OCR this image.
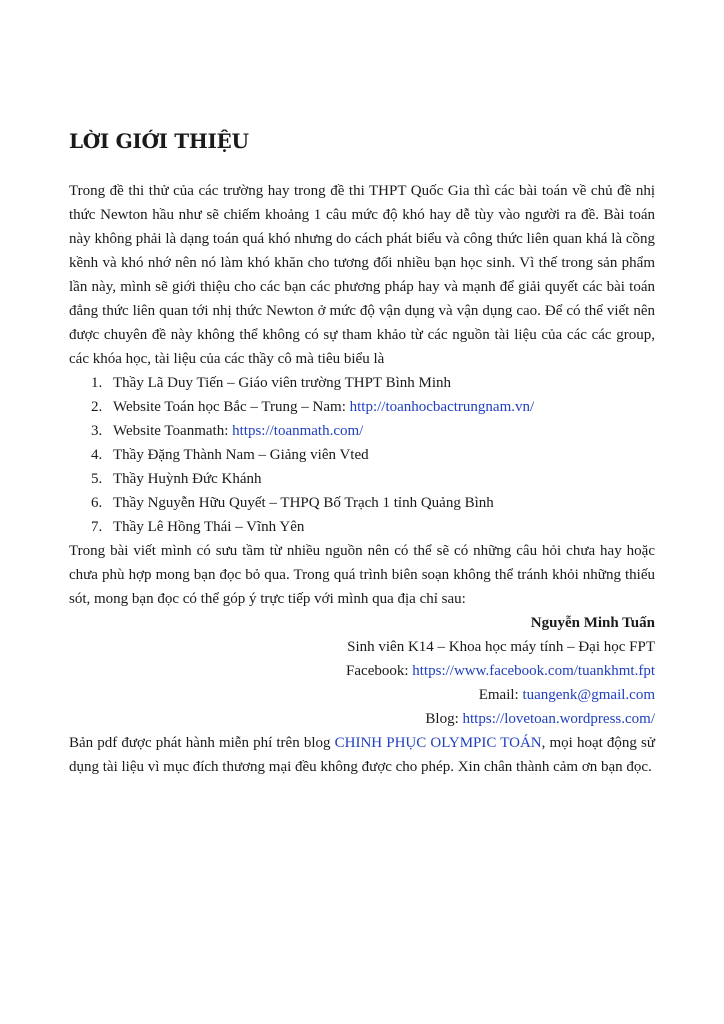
LỜI GIỚI THIỆU

Trong đề thi thử của các trường hay trong đề thi THPT Quốc Gia thì các bài toán về chủ đề nhị thức Newton hầu như sẽ chiếm khoảng 1 câu mức độ khó hay dễ tùy vào người ra đề. Bài toán này không phải là dạng toán quá khó nhưng do cách phát biểu và công thức liên quan khá là cồng kềnh và khó nhớ nên nó làm khó khăn cho tương đối nhiều bạn học sinh. Vì thế trong sản phẩm lần này, mình sẽ giới thiệu cho các bạn các phương pháp hay và mạnh để giải quyết các bài toán đẳng thức liên quan tới nhị thức Newton ở mức độ vận dụng và vận dụng cao. Để có thể viết nên được chuyên đề này không thể không có sự tham khảo từ các nguồn tài liệu của các các group, các khóa học, tài liệu của các thầy cô mà tiêu biểu là

1. Thầy Lã Duy Tiến – Giáo viên trường THPT Bình Minh
2. Website Toán học Bắc – Trung – Nam: http://toanhocbactrungnam.vn/
3. Website Toanmath: https://toanmath.com/
4. Thầy Đặng Thành Nam – Giảng viên Vted
5. Thầy Huỳnh Đức Khánh
6. Thầy Nguyễn Hữu Quyết – THPQ Bố Trạch 1 tỉnh Quảng Bình
7. Thầy Lê Hồng Thái – Vĩnh Yên

Trong bài viết mình có sưu tầm từ nhiều nguồn nên có thể sẽ có những câu hỏi chưa hay hoặc chưa phù hợp mong bạn đọc bỏ qua. Trong quá trình biên soạn không thể tránh khỏi những thiếu sót, mong bạn đọc có thể góp ý trực tiếp với mình qua địa chỉ sau:

Nguyễn Minh Tuấn

Sinh viên K14 – Khoa học máy tính – Đại học FPT

Facebook: https://www.facebook.com/tuankhmt.fpt

Email: tuangenk@gmail.com

Blog: https://lovetoan.wordpress.com/

Bản pdf được phát hành miễn phí trên blog CHINH PHỤC OLYMPIC TOÁN, mọi hoạt động sử dụng tài liệu vì mục đích thương mại đều không được cho phép. Xin chân thành cảm ơn bạn đọc.
